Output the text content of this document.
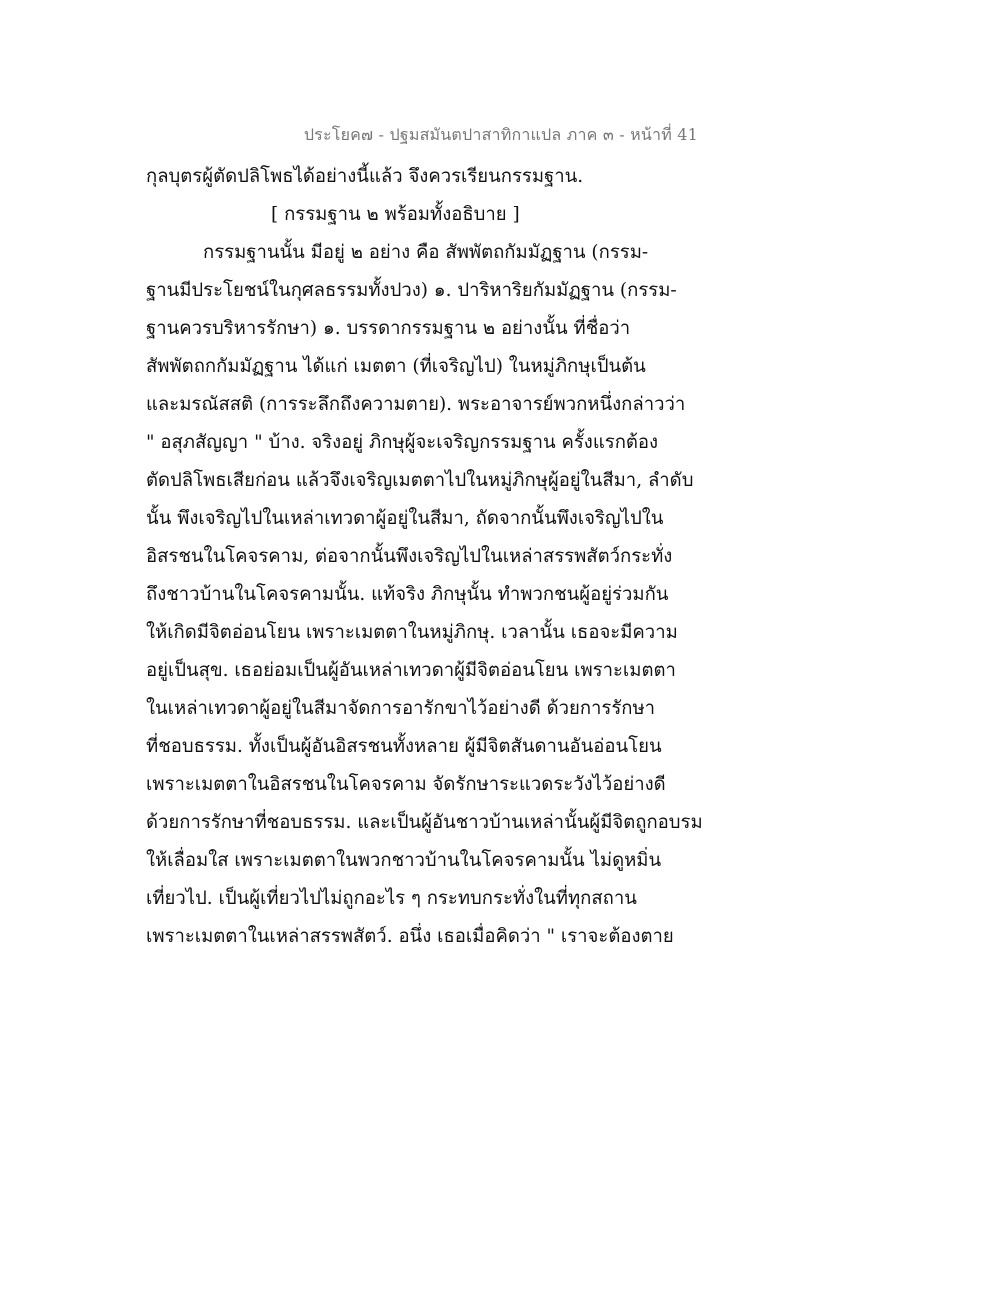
ประโยค๗ - ปฐมสมันตปาสาทิกาแปล ภาค ๓ - หน้าที่ 41
กุลบุตรผู้ตัดปลิโพธได้อย่างนี้แล้ว จึงควรเรียนกรรมฐาน.
[ กรรมฐาน ๒ พร้อมทั้งอธิบาย ]
กรรมฐานนั้น มีอยู่ ๒ อย่าง คือ สัพพัตถกัมมัฏฐาน (กรรม-
ฐานมีประโยชน์ในกุศลธรรมทั้งปวง) ๑. ปาริหาริยกัมมัฏฐาน (กรรม-
ฐานควรบริหารรักษา) ๑. บรรดากรรมฐาน ๒ อย่างนั้น ที่ชื่อว่า
สัพพัตถกกัมมัฏฐาน ได้แก่ เมตตา (ที่เจริญไป) ในหมู่ภิกษุเป็นต้น
และมรณัสสติ (การระลึกถึงความตาย). พระอาจารย์พวกหนึ่งกล่าวว่า
" อสุภสัญญา " บ้าง. จริงอยู่ ภิกษุผู้จะเจริญกรรมฐาน ครั้งแรกต้อง
ตัดปลิโพธเสียก่อน แล้วจึงเจริญเมตตาไปในหมู่ภิกษุผู้อยู่ในสีมา, ลำดับ
นั้น พึงเจริญไปในเหล่าเทวดาผู้อยู่ในสีมา, ถัดจากนั้นพึงเจริญไปใน
อิสรชนในโคจรคาม, ต่อจากนั้นพึงเจริญไปในเหล่าสรรพสัตว์กระทั่ง
ถึงชาวบ้านในโคจรคามนั้น. แท้จริง ภิกษุนั้น ทำพวกชนผู้อยู่ร่วมกัน
ให้เกิดมีจิตอ่อนโยน เพราะเมตตาในหมู่ภิกษุ. เวลานั้น เธอจะมีความ
อยู่เป็นสุข. เธอย่อมเป็นผู้อันเหล่าเทวดาผู้มีจิตอ่อนโยน เพราะเมตตา
ในเหล่าเทวดาผู้อยู่ในสีมาจัดการอารักขาไว้อย่างดี ด้วยการรักษา
ที่ชอบธรรม. ทั้งเป็นผู้อันอิสรชนทั้งหลาย ผู้มีจิตสันดานอันอ่อนโยน
เพราะเมตตาในอิสรชนในโคจรคาม จัดรักษาระแวดระวังไว้อย่างดี
ด้วยการรักษาที่ชอบธรรม. และเป็นผู้อันชาวบ้านเหล่านั้นผู้มีจิตถูกอบรม
ให้เลื่อมใส เพราะเมตตาในพวกชาวบ้านในโคจรคามนั้น ไม่ดูหมิ่น
เที่ยวไป. เป็นผู้เที่ยวไปไม่ถูกอะไร ๆ กระทบกระทั่งในที่ทุกสถาน
เพราะเมตตาในเหล่าสรรพสัตว์. อนึ่ง เธอเมื่อคิดว่า " เราจะต้องตาย
